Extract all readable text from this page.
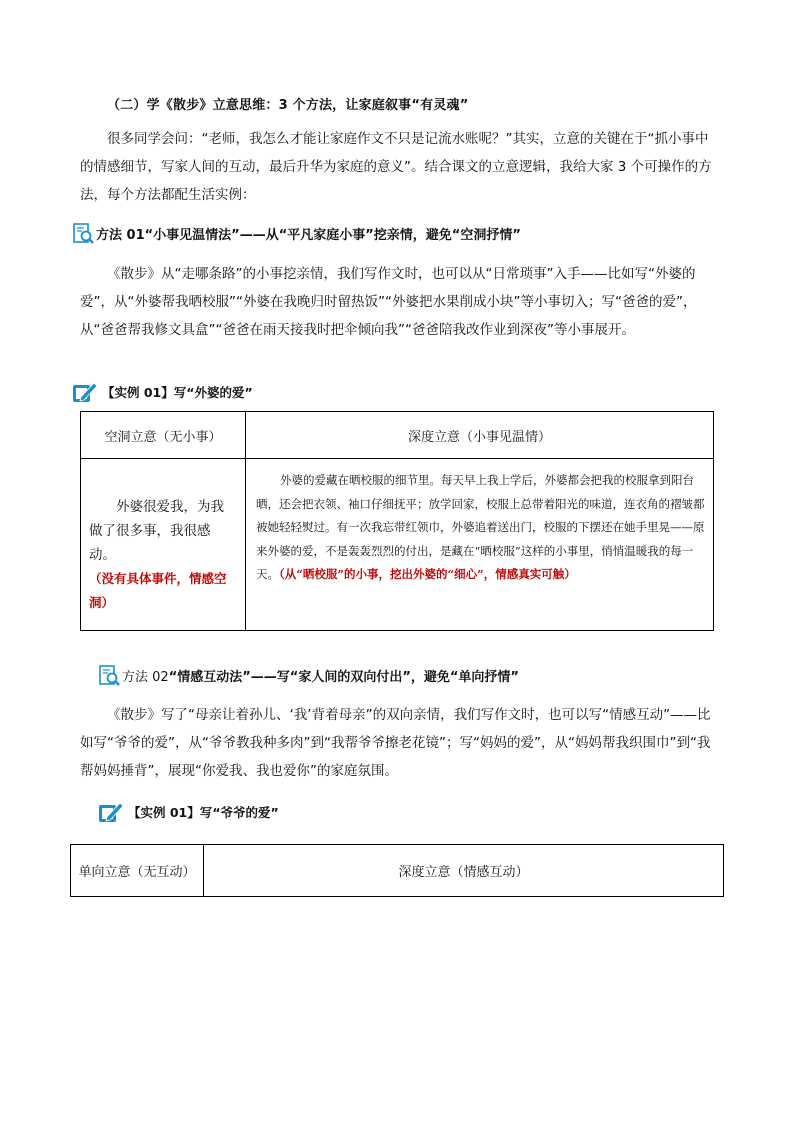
（二）学《散步》立意思维：3 个方法，让家庭叙事“有灵魂”

很多同学会问：“老师，我怎么才能让家庭作文不只是记流水账呢？”其实，立意的关键在于“抓小事中的情感细节，写家人间的互动，最后升华为家庭的意义”。结合课文的立意逻辑，我给大家 3 个可操作的方法，每个方法都配生活实例：

方法 01“小事见温情法”——从“平凡家庭小事”挖亲情，避免“空洞抒情”

《散步》从“走哪条路”的小事挖亲情，我们写作文时，也可以从“日常琐事”入手——比如写“外婆的爱”，从“外婆帮我晒校服”“外婆在我晚归时留热饭”“外婆把水果削成小块”等小事切入；写“爸爸的爱”，从“爸爸帮我修文具盒”“爸爸在雨天接我时把伞倾向我”“爸爸陪我改作业到深夜”等小事展开。

【实例 01】写“外婆的爱”
空洞立意（无小事）	深度立意（小事见温情）

外婆很爱我，为我做了很多事，我很感动。
（没有具体事件，情感空洞）	外婆的爱藏在晒校服的细节里。每天早上我上学后，外婆都会把我的校服拿到阳台晒，还会把衣领、袖口仔细抚平；放学回家，校服上总带着阳光的味道，连衣角的褶皱都被她轻轻熨过。有一次我忘带红领巾，外婆追着送出门，校服的下摆还在她手里晃——原来外婆的爱，不是轰轰烈烈的付出，是藏在“晒校服”这样的小事里，悄悄温暖我的每一天。（从“晒校服”的小事，挖出外婆的“细心”，情感真实可触）
方法 02 “情感互动法”——写“家人间的双向付出”，避免“单向抒情”

《散步》写了“母亲让着孙儿、‘我’背着母亲”的双向亲情，我们写作文时，也可以写“情感互动”——比如写“爷爷的爱”，从“爷爷教我种多肉”到“我帮爷爷擦老花镜”；写“妈妈的爱”，从“妈妈帮我织围巾”到“我帮妈妈捶背”，展现“你爱我、我也爱你”的家庭氛围。

【实例 01】写“爷爷的爱”
单向立意（无互动）	深度立意（情感互动）
